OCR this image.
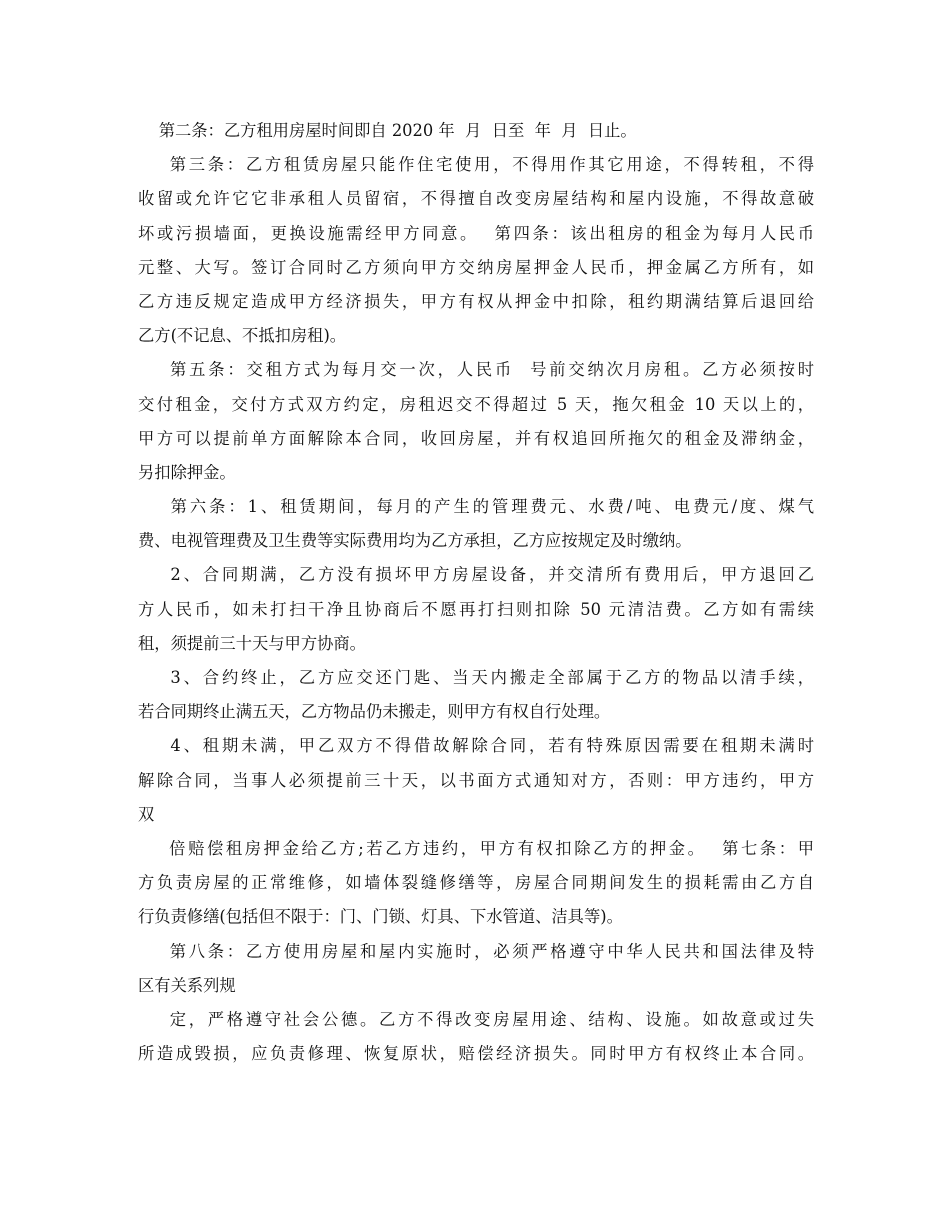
第二条：乙方租用房屋时间即自 2020 年  月  日至  年  月  日止。
第三条：乙方租赁房屋只能作住宅使用，不得用作其它用途，不得转租，不得
收留或允许它它非承租人员留宿，不得擅自改变房屋结构和屋内设施，不得故意破
坏或污损墙面，更换设施需经甲方同意。  第四条：该出租房的租金为每月人民币
元整、大写。签订合同时乙方须向甲方交纳房屋押金人民币，押金属乙方所有，如
乙方违反规定造成甲方经济损失，甲方有权从押金中扣除，租约期满结算后退回给
乙方(不记息、不抵扣房租)。
第五条：交租方式为每月交一次，人民币  号前交纳次月房租。乙方必须按时
交付租金，交付方式双方约定，房租迟交不得超过 5 天，拖欠租金 10 天以上的，
甲方可以提前单方面解除本合同，收回房屋，并有权追回所拖欠的租金及滞纳金，
另扣除押金。
第六条：1、租赁期间，每月的产生的管理费元、水费/吨、电费元/度、煤气
费、电视管理费及卫生费等实际费用均为乙方承担，乙方应按规定及时缴纳。
2、合同期满，乙方没有损坏甲方房屋设备，并交清所有费用后，甲方退回乙
方人民币，如未打扫干净且协商后不愿再打扫则扣除 50 元清洁费。乙方如有需续
租，须提前三十天与甲方协商。
3、合约终止，乙方应交还门匙、当天内搬走全部属于乙方的物品以清手续，
若合同期终止满五天，乙方物品仍未搬走，则甲方有权自行处理。
4、租期未满，甲乙双方不得借故解除合同，若有特殊原因需要在租期未满时
解除合同，当事人必须提前三十天，以书面方式通知对方，否则：甲方违约，甲方
双
倍赔偿租房押金给乙方;若乙方违约，甲方有权扣除乙方的押金。  第七条：甲
方负责房屋的正常维修，如墙体裂缝修缮等，房屋合同期间发生的损耗需由乙方自
行负责修缮(包括但不限于：门、门锁、灯具、下水管道、洁具等)。
第八条：乙方使用房屋和屋内实施时，必须严格遵守中华人民共和国法律及特
区有关系列规
定，严格遵守社会公德。乙方不得改变房屋用途、结构、设施。如故意或过失
所造成毁损，应负责修理、恢复原状，赔偿经济损失。同时甲方有权终止本合同。
